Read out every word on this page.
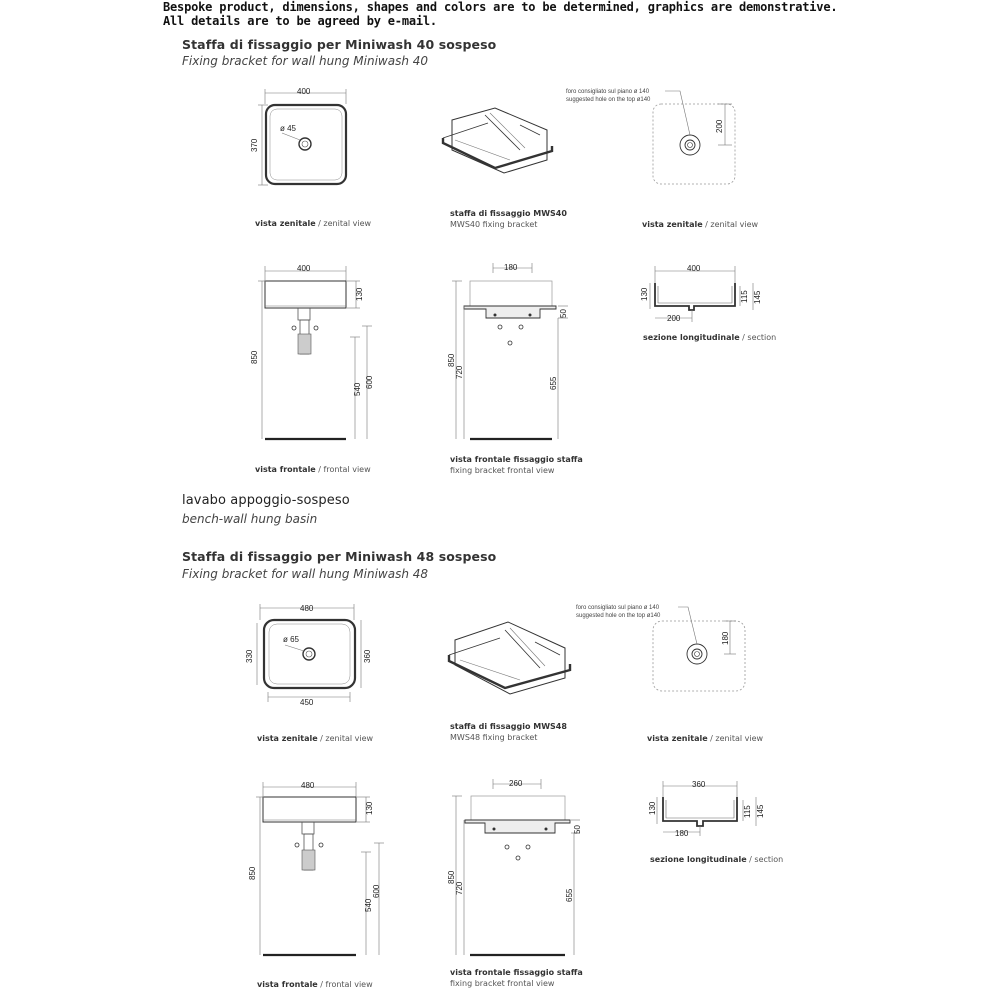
Bespoke product, dimensions, shapes and colors are to be determined, graphics are demonstrative.
All details are to be agreed by e-mail.
Staffa di fissaggio per Miniwash 40 sospeso
Fixing bracket for wall hung Miniwash 40
lavabo appoggio-sospeso
bench-wall hung basin
Staffa di fissaggio per Miniwash 48 sospeso
Fixing bracket for wall hung Miniwash 48
vista zenitale / zenital view
staffa di fissaggio MWS40
MWS40 fixing bracket	vista zenitale / zenital view
vista frontale / frontal view
vista frontale fissaggio staffa
fixing bracket frontal view
sezione longitudinale / section
vista zenitale / zenital view
staffa di fissaggio MWS48
MWS48 fixing bracket	vista zenitale / zenital view
vista frontale / frontal view
vista frontale fissaggio staffa
fixing bracket frontal view
sezione longitudinale / section
400
370
ø 45
foro consigliato sul piano ø 140
suggested hole on the top ø140
200
400
130
850
540
600
180
50
850
720
655
400
130	115 145
200
480
ø 65
330	360
450
foro consigliato sul piano ø 140
suggested hole on the top ø140
180
480
130
850
540
600
260
50
850
720
655
360
130	115 145
180
